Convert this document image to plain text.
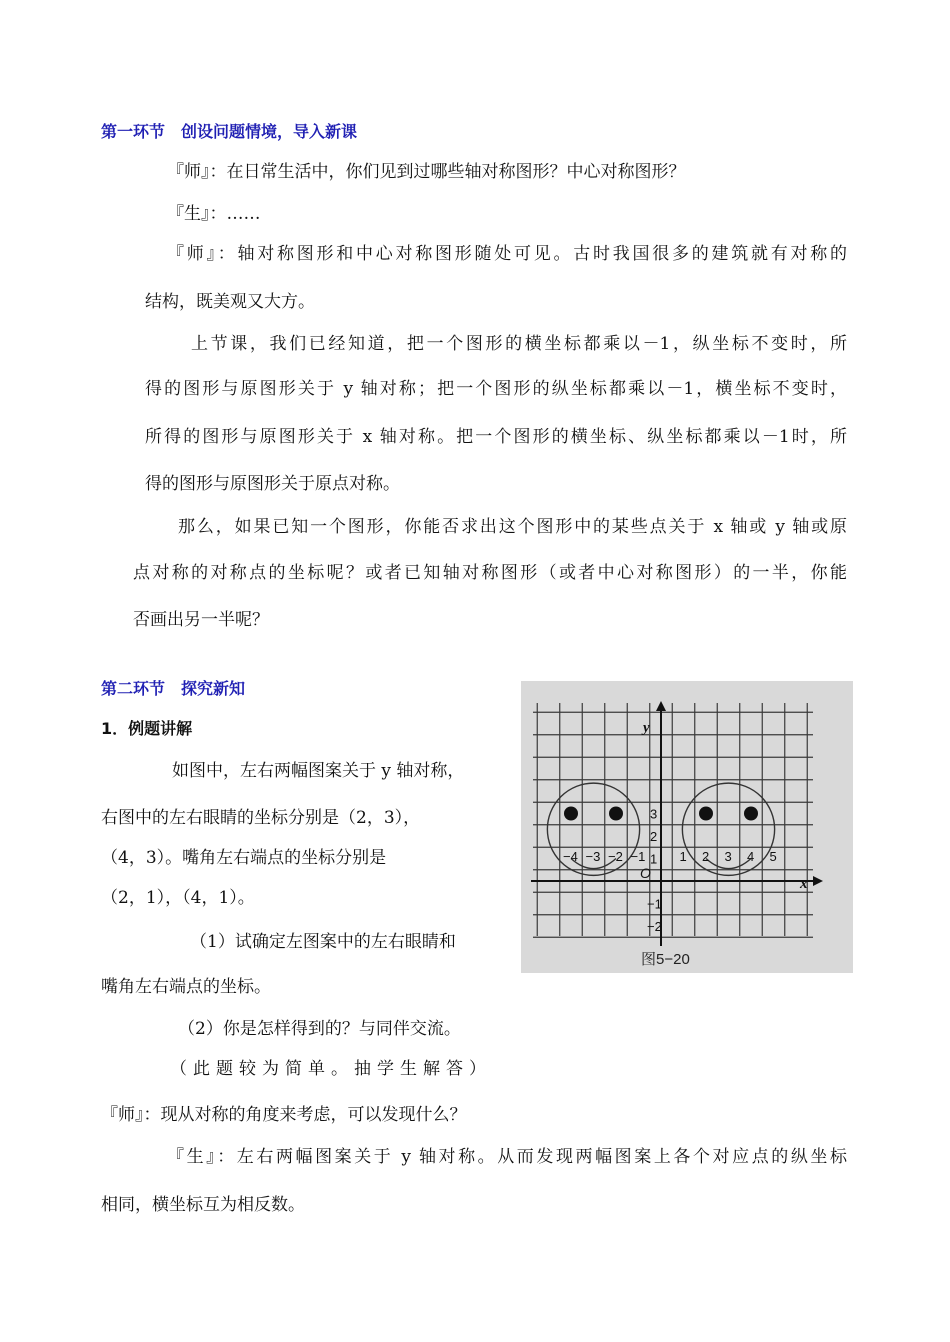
第一环节　创设问题情境，导入新课
『师』：在日常生活中，你们见到过哪些轴对称图形？中心对称图形？
『生』：……
『师』：轴对称图形和中心对称图形随处可见。古时我国很多的建筑就有对称的
结构，既美观又大方。
上节课，我们已经知道，把一个图形的横坐标都乘以－1，纵坐标不变时，所
得的图形与原图形关于 y 轴对称；把一个图形的纵坐标都乘以－1，横坐标不变时，
所得的图形与原图形关于 x 轴对称。把一个图形的横坐标、纵坐标都乘以－1时，所
得的图形与原图形关于原点对称。
那么，如果已知一个图形，你能否求出这个图形中的某些点关于 x 轴或 y 轴或原
点对称的对称点的坐标呢？或者已知轴对称图形（或者中心对称图形）的一半，你能
否画出另一半呢？
第二环节　探究新知
1．例题讲解
如图中，左右两幅图案关于 y 轴对称，
右图中的左右眼睛的坐标分别是（2，3），
（4，3）。嘴角左右端点的坐标分别是
（2，1），（4，1）。
（1）试确定左图案中的左右眼睛和
嘴角左右端点的坐标。
（2）你是怎样得到的？与同伴交流。
（此题较为简单。抽学生解答）
『师』：现从对称的角度来考虑，可以发现什么？
『生』：左右两幅图案关于 y 轴对称。从而发现两幅图案上各个对应点的纵坐标
相同，横坐标互为相反数。
x
y
O
−4 −3 −2 −1	1 2 3 4 5
3
2
1
−1
−2
图5−20
